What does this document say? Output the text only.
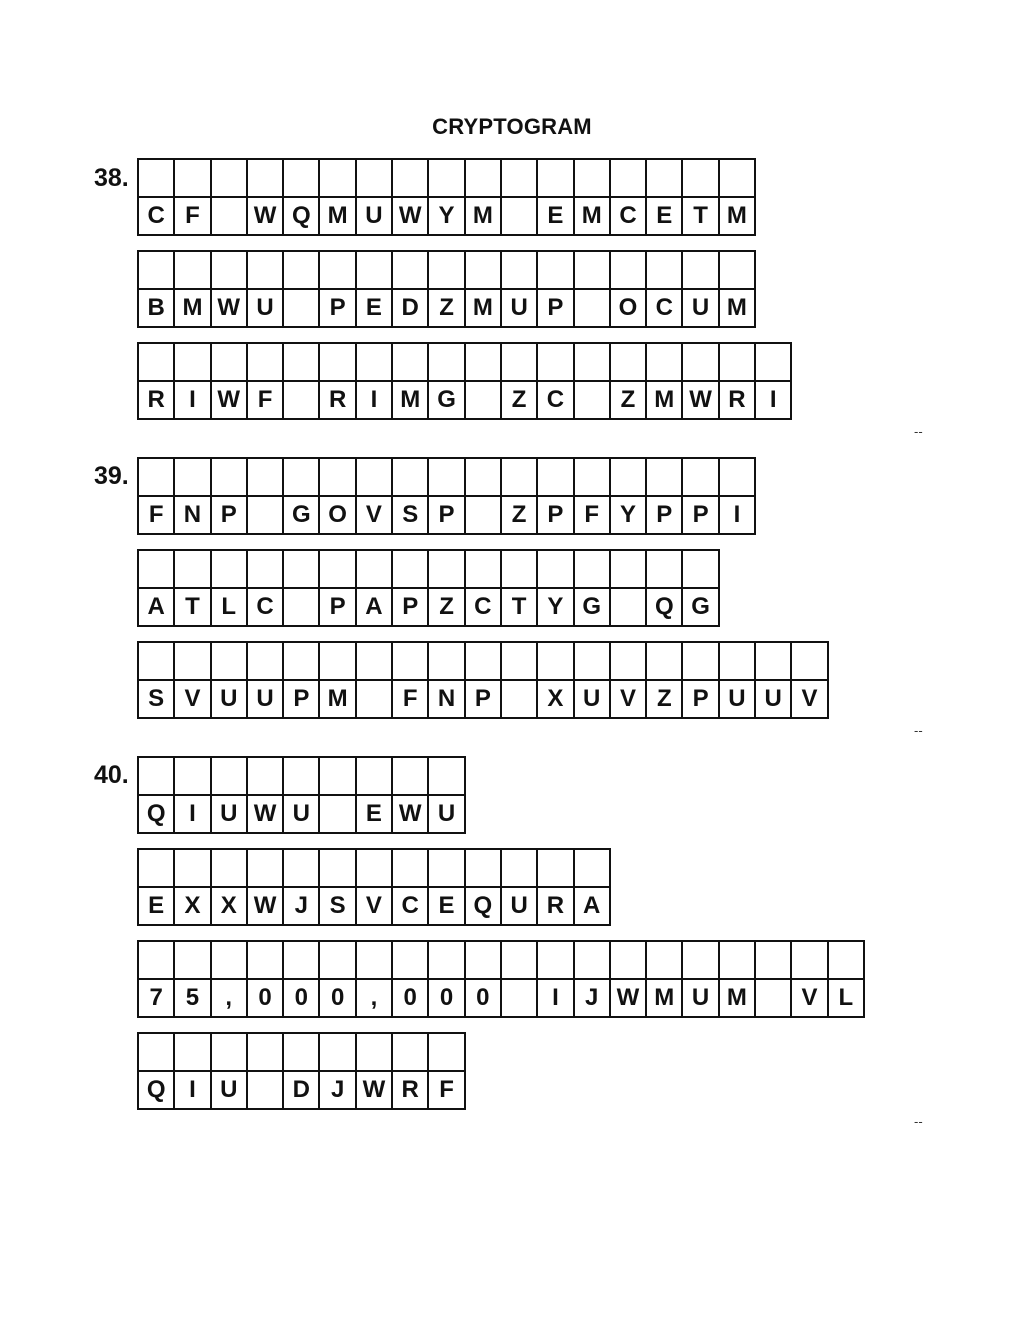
CRYPTOGRAM
38.
C F	W Q M U W Y M	E M C E T M
B M W U	P E D Z M U P	O C U M
R	I W F	R	I M G	Z C	Z M W R	I
--
39.
F N P	G O V S P	Z P F Y P P	I
A T L C	P A P Z C T Y G	Q G
S V U U P M	F N P	X U V Z P U U V
--
40.
Q I	U W U	E W U
E X X W J S V C E Q U R A
7 5	,	0 0 0	,	0 0 0	I	J W M U M	V L
Q I	U	D J W R F
--
